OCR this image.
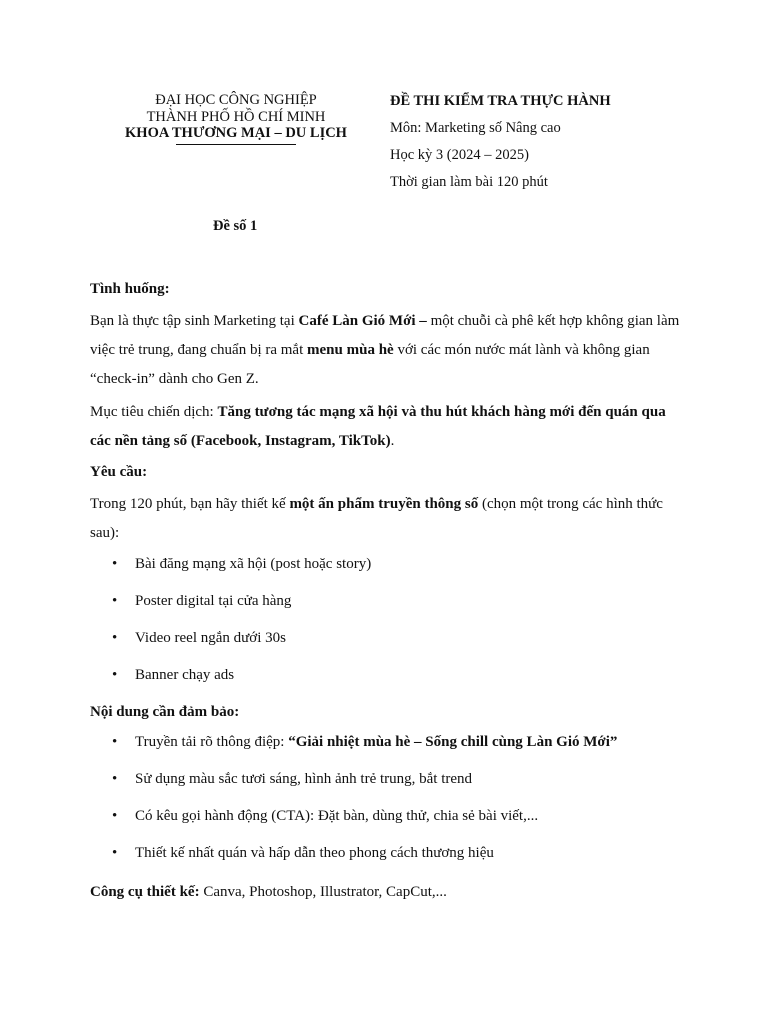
ĐẠI HỌC CÔNG NGHIỆP
THÀNH PHỐ HỒ CHÍ MINH
KHOA THƯƠNG MẠI – DU LỊCH
ĐỀ THI KIỂM TRA THỰC HÀNH
Môn: Marketing số Nâng cao
Học kỳ 3 (2024 – 2025)
Thời gian làm bài 120 phút
Đề số 1
Tình huống:

Bạn là thực tập sinh Marketing tại Café Làn Gió Mới – một chuỗi cà phê kết hợp không gian làm việc trẻ trung, đang chuẩn bị ra mắt menu mùa hè với các món nước mát lành và không gian “check-in” dành cho Gen Z.

Mục tiêu chiến dịch: Tăng tương tác mạng xã hội và thu hút khách hàng mới đến quán qua các nền tảng số (Facebook, Instagram, TikTok).

Yêu cầu:

Trong 120 phút, bạn hãy thiết kế một ấn phẩm truyền thông số (chọn một trong các hình thức sau):

• Bài đăng mạng xã hội (post hoặc story)
• Poster digital tại cửa hàng
• Video reel ngắn dưới 30s
• Banner chạy ads
Nội dung cần đảm bảo:
• Truyền tải rõ thông điệp: “Giải nhiệt mùa hè – Sống chill cùng Làn Gió Mới”
• Sử dụng màu sắc tươi sáng, hình ảnh trẻ trung, bắt trend
• Có kêu gọi hành động (CTA): Đặt bàn, dùng thử, chia sẻ bài viết,...
• Thiết kế nhất quán và hấp dẫn theo phong cách thương hiệu

Công cụ thiết kế: Canva, Photoshop, Illustrator, CapCut,...
